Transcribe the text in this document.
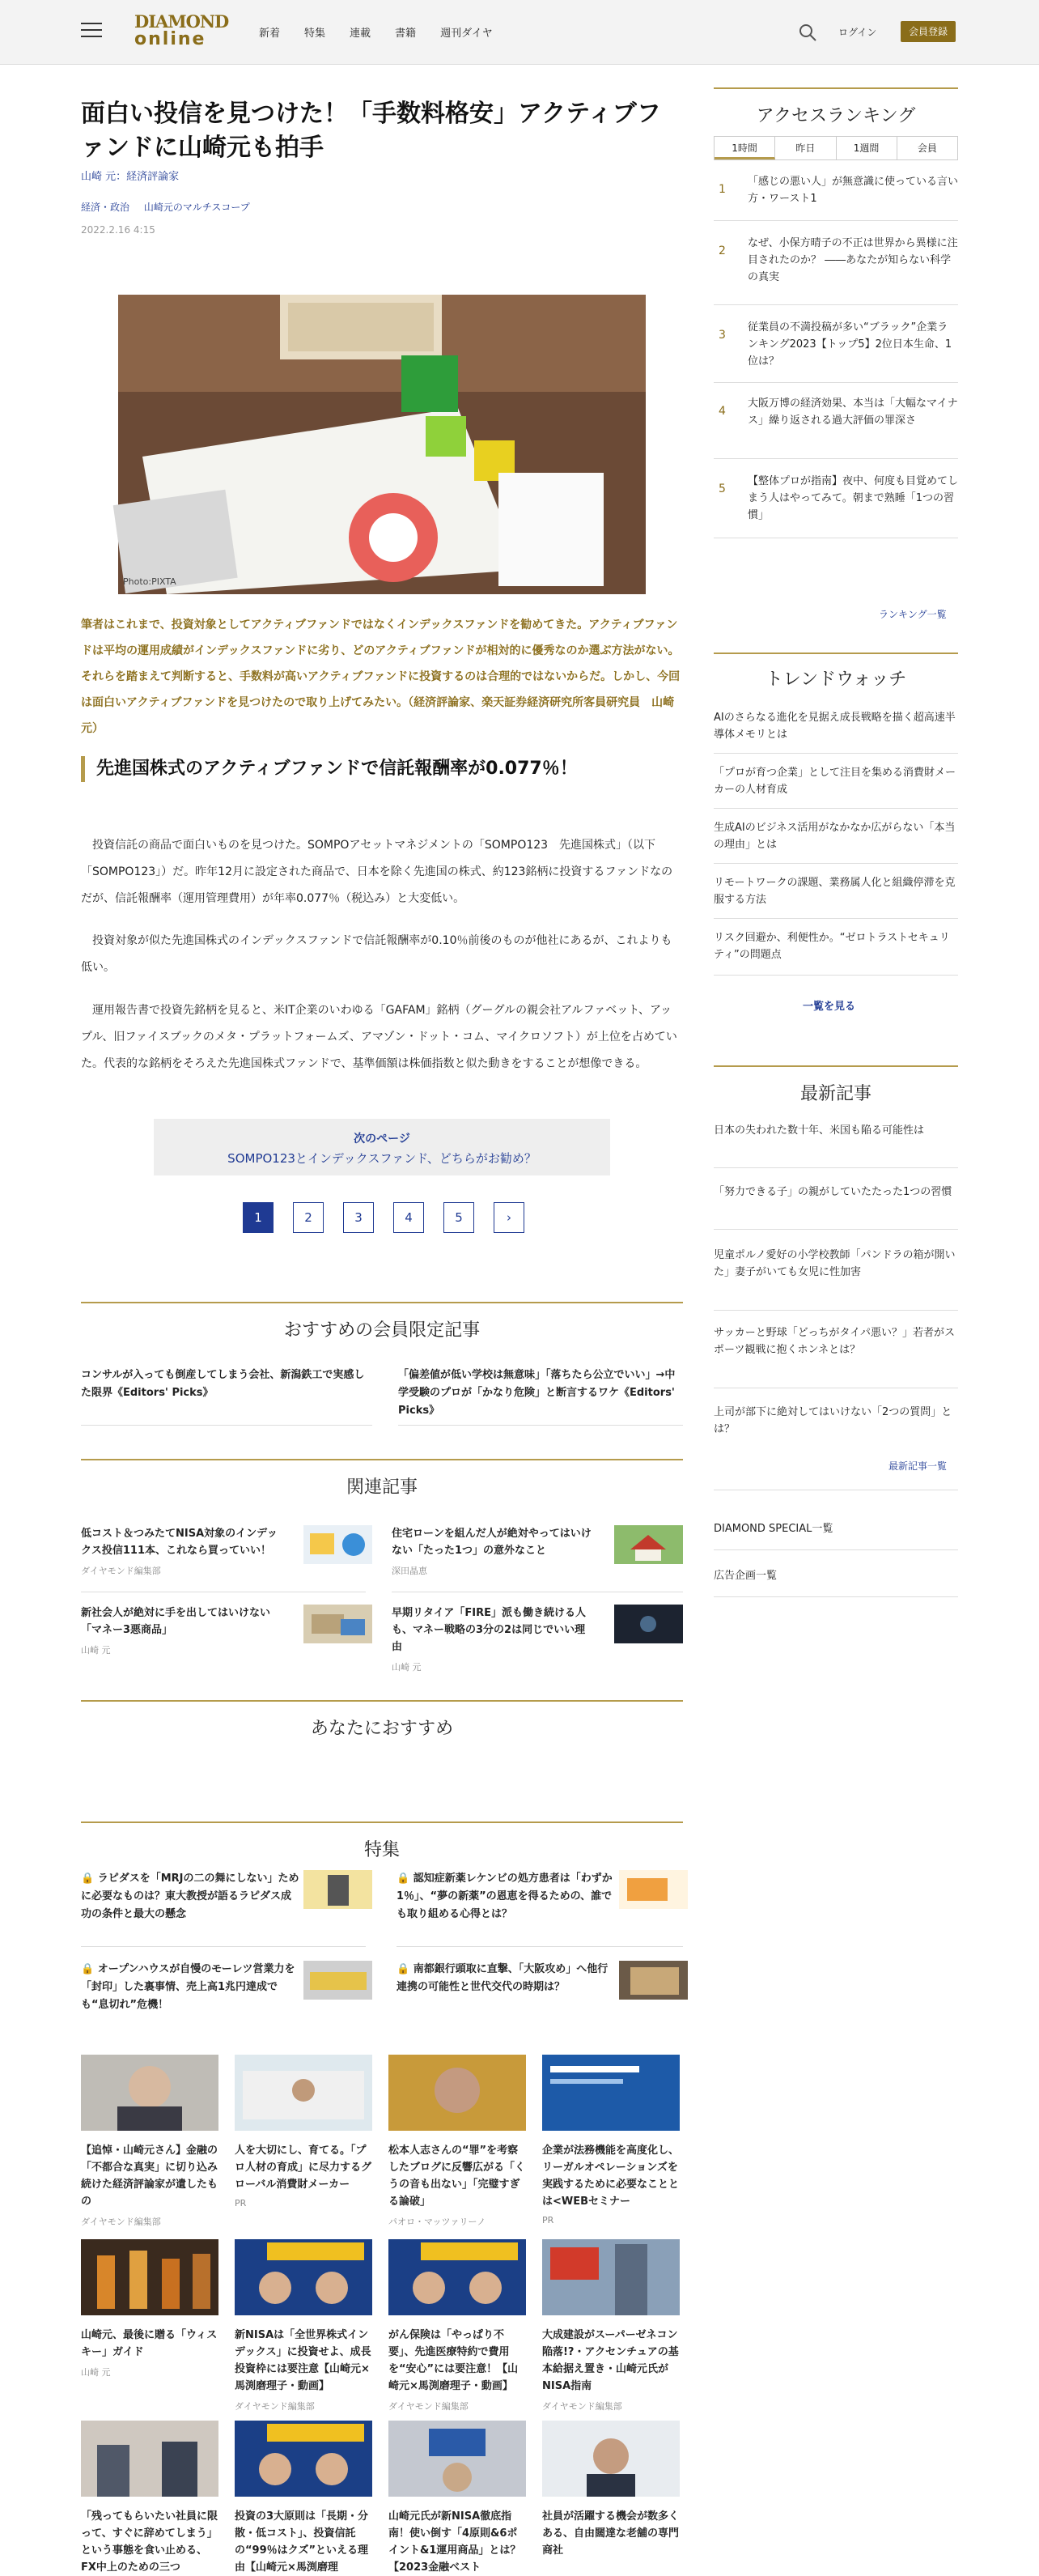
DIAMOND
online	新着 特集 連載 書籍 週刊ダイヤ	ログイン	会員登録
面白い投信を見つけた！「手数料格安」アクティブファンドに山崎元も拍手
山崎 元：経済評論家
経済・政治 山崎元のマルチスコープ
2022.2.16 4:15
Photo:PIXTA

筆者はこれまで、投資対象としてアクティブファンドではなくインデックスファンドを勧めてきた。アクティブファンドは平均の運用成績がインデックスファンドに劣り、どのアクティブファンドが相対的に優秀なのか選ぶ方法がない。それらを踏まえて判断すると、手数料が高いアクティブファンドに投資するのは合理的ではないからだ。しかし、今回は面白いアクティブファンドを見つけたので取り上げてみたい。（経済評論家、楽天証券経済研究所客員研究員　山崎 元）

先進国株式のアクティブファンドで信託報酬率が0.077％！

投資信託の商品で面白いものを見つけた。SOMPOアセットマネジメントの「SOMPO123　先進国株式」（以下「SOMPO123」）だ。昨年12月に設定された商品で、日本を除く先進国の株式、約123銘柄に投資するファンドなのだが、信託報酬率（運用管理費用）が年率0.077％（税込み）と大変低い。

投資対象が似た先進国株式のインデックスファンドで信託報酬率が0.10％前後のものが他社にあるが、これよりも低い。

運用報告書で投資先銘柄を見ると、米IT企業のいわゆる「GAFAM」銘柄（グーグルの親会社アルファベット、アップル、旧ファイスブックのメタ・プラットフォームズ、アマゾン・ドット・コム、マイクロソフト）が上位を占めていた。代表的な銘柄をそろえた先進国株式ファンドで、基準価額は株価指数と似た動きをすることが想像できる。

次のページ
SOMPO123とインデックスファンド、どちらがお勧め？
1	2	3	4	5	›
おすすめの会員限定記事
コンサルが入っても倒産してしまう会社、新潟鉄工で実感した限界《Editors' Picks》
「偏差値が低い学校は無意味」「落ちたら公立でいい」→中学受験のプロが「かなり危険」と断言するワケ《Editors' Picks》
関連記事
低コスト＆つみたてNISA対象のインデックス投信111本、これなら買っていい！
ダイヤモンド編集部
住宅ローンを組んだ人が絶対やってはいけない「たった1つ」の意外なこと
深田晶恵
新社会人が絶対に手を出してはいけない「マネー3悪商品」
山崎 元
早期リタイア「FIRE」派も働き続ける人も、マネー戦略の3分の2は同じでいい理由
山崎 元
あなたにおすすめ
特集
🔒 ラピダスを「MRJの二の舞にしない」ために必要なものは？東大教授が語るラピダス成功の条件と最大の懸念
🔒 認知症新薬レケンビの処方患者は「わずか1％」、“夢の新薬”の恩恵を得るための、誰でも取り組める心得とは？
🔒 オープンハウスが自慢のモーレツ営業力を「封印」した裏事情、売上高1兆円達成でも“息切れ”危機！
🔒 南都銀行頭取に直撃、「大阪攻め」へ他行連携の可能性と世代交代の時期は？
【追悼・山崎元さん】金融の「不都合な真実」に切り込み続けた経済評論家が遺したもの
ダイヤモンド編集部
人を大切にし、育てる。「プロ人材の育成」に尽力するグローバル消費財メーカー
PR
松本人志さんの“罪”を考察したブログに反響広がる「くうの音も出ない」「完璧すぎる論破」
パオロ・マッツァリーノ
企業が法務機能を高度化し、リーガルオペレーションズを実践するために必要なこととは<WEBセミナー
PR
山崎元、最後に贈る「ウィスキー」ガイド
山崎 元
新NISAは「全世界株式インデックス」に投資せよ、成長投資枠には要注意【山崎元×馬渕磨理子・動画】
ダイヤモンド編集部
がん保険は「やっぱり不要」、先進医療特約で費用を“安心”には要注意！【山崎元×馬渕磨理子・動画】
ダイヤモンド編集部
大成建設がスーパーゼネコン陥落!?・アクセンチュアの基本給据え置き・山崎元氏がNISA指南
ダイヤモンド編集部
「残ってもらいたい社員に限って、すぐに辞めてしまう」という事態を食い止める、FX中上のための三つ
投資の3大原則は「長期・分散・低コスト」、投資信託の“99％はクズ”といえる理由【山崎元×馬渕磨理
山崎元氏が新NISA徹底指南！使い倒す「4原則&6ポイント&1運用商品」とは？【2023金融ベスト
社員が活躍する機会が数多くある、自由闊達な老舗の専門商社
アクセスランキング
1時間	昨日	1週間	会員
1
「感じの悪い人」が無意識に使っている言い方・ワースト1
2
なぜ、小保方晴子の不正は世界から異様に注目されたのか？ ――あなたが知らない科学の真実
3
従業員の不満投稿が多い“ブラック”企業ランキング2023【トップ5】2位日本生命、1位は？
4
大阪万博の経済効果、本当は「大幅なマイナス」繰り返される過大評価の罪深さ
5
【整体プロが指南】夜中、何度も目覚めてしまう人はやってみて。朝まで熟睡「1つの習慣」
ランキング一覧
トレンドウォッチ
AIのさらなる進化を見据え成長戦略を描く超高速半導体メモリとは
「プロが育つ企業」として注目を集める消費財メーカーの人材育成
生成AIのビジネス活用がなかなか広がらない「本当の理由」とは
リモートワークの課題、業務属人化と組織停滞を克服する方法
リスク回避か、利便性か。“ゼロトラストセキュリティ”の問題点
一覧を見る
最新記事
日本の失われた数十年、米国も陥る可能性は
「努力できる子」の親がしていたたった1つの習慣
児童ポルノ愛好の小学校教師「パンドラの箱が開いた」妻子がいても女児に性加害
サッカーと野球「どっちがタイパ悪い？」若者がスポーツ観戦に抱くホンネとは？
上司が部下に絶対してはいけない「2つの質問」とは？
最新記事一覧
DIAMOND SPECIAL一覧
広告企画一覧
